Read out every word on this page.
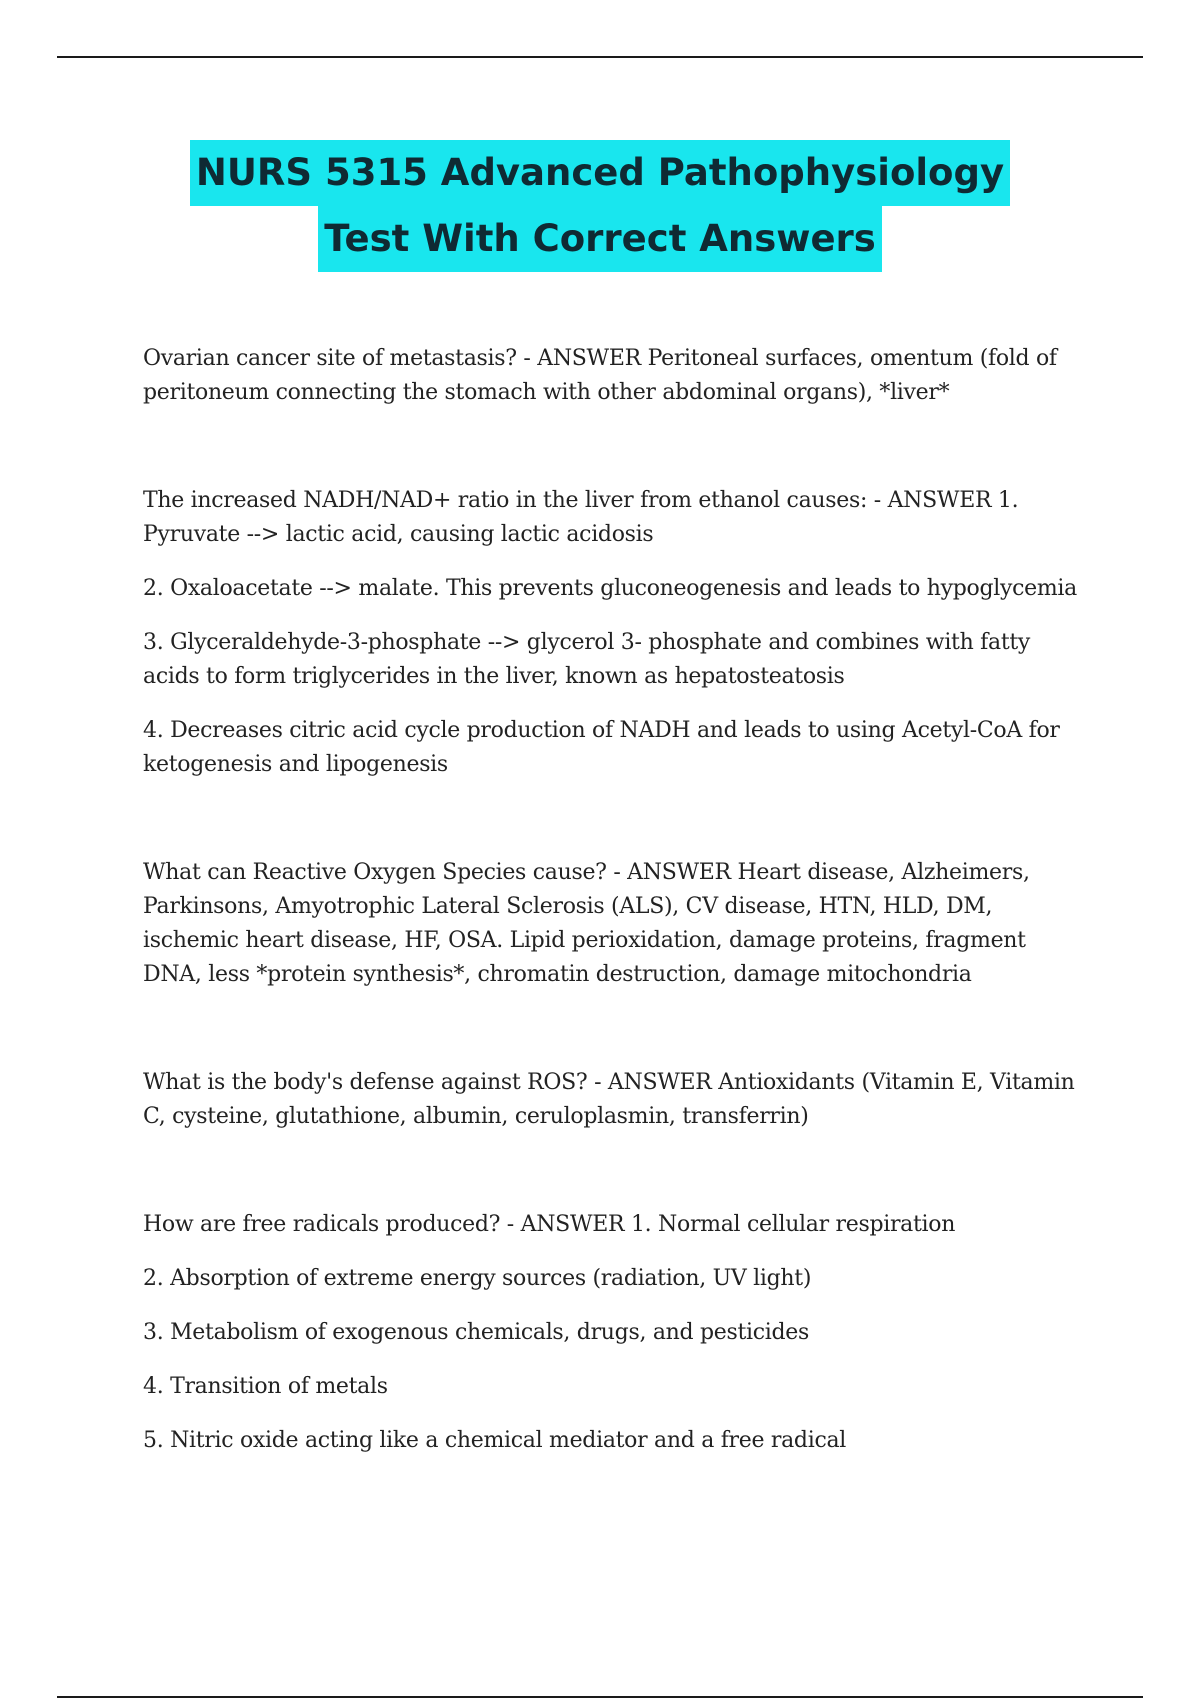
NURS 5315 Advanced Pathophysiology
Test With Correct Answers

Ovarian cancer site of metastasis? - ANSWER Peritoneal surfaces, omentum (fold of peritoneum connecting the stomach with other abdominal organs), *liver*

The increased NADH/NAD+ ratio in the liver from ethanol causes: - ANSWER 1. Pyruvate --> lactic acid, causing lactic acidosis

2. Oxaloacetate --> malate. This prevents gluconeogenesis and leads to hypoglycemia

3. Glyceraldehyde-3-phosphate --> glycerol 3- phosphate and combines with fatty acids to form triglycerides in the liver, known as hepatosteatosis

4. Decreases citric acid cycle production of NADH and leads to using Acetyl-CoA for ketogenesis and lipogenesis

What can Reactive Oxygen Species cause? - ANSWER Heart disease, Alzheimers, Parkinsons, Amyotrophic Lateral Sclerosis (ALS), CV disease, HTN, HLD, DM, ischemic heart disease, HF, OSA. Lipid perioxidation, damage proteins, fragment DNA, less *protein synthesis*, chromatin destruction, damage mitochondria

What is the body's defense against ROS? - ANSWER Antioxidants (Vitamin E, Vitamin C, cysteine, glutathione, albumin, ceruloplasmin, transferrin)

How are free radicals produced? - ANSWER 1. Normal cellular respiration

2. Absorption of extreme energy sources (radiation, UV light)

3. Metabolism of exogenous chemicals, drugs, and pesticides

4. Transition of metals

5. Nitric oxide acting like a chemical mediator and a free radical
